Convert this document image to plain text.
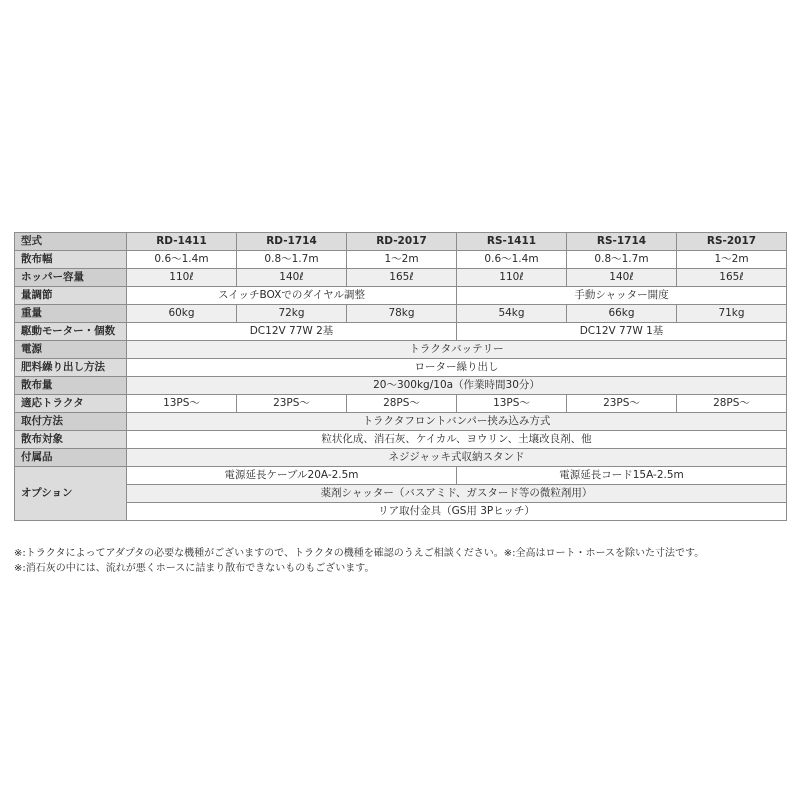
型式	RD-1411	RD-1714	RD-2017	RS-1411	RS-1714	RS-2017
散布幅	0.6～1.4m	0.8～1.7m	1～2m	0.6～1.4m	0.8～1.7m	1～2m
ホッパー容量	110ℓ	140ℓ	165ℓ	110ℓ	140ℓ	165ℓ
量調節	スイッチBOXでのダイヤル調整			手動シャッター開度		
重量	60kg	72kg	78kg	54kg	66kg	71kg
駆動モーター・個数	DC12V 77W 2基			DC12V 77W 1基		
電源	トラクタバッテリー					
肥料繰り出し方法	ローター繰り出し					
散布量	20～300kg/10a（作業時間30分）					
適応トラクタ	13PS～	23PS～	28PS～	13PS～	23PS～	28PS～
取付方法	トラクタフロントバンパー挟み込み方式					
散布対象	粒状化成、消石灰、ケイカル、ヨウリン、土壌改良剤、他					
付属品	ネジジャッキ式収納スタンド					
オプション	電源延長ケーブル20A-2.5m			電源延長コード15A-2.5m		
	薬剤シャッター（バスアミド、ガスタード等の微粒剤用）					
	リア取付金具（GS用 3Pヒッチ）					
※:トラクタによってアダプタの必要な機種がございますので、トラクタの機種を確認のうえご相談ください。※:全高はロート・ホースを除いた寸法です。
※:消石灰の中には、流れが悪くホースに詰まり散布できないものもございます。
